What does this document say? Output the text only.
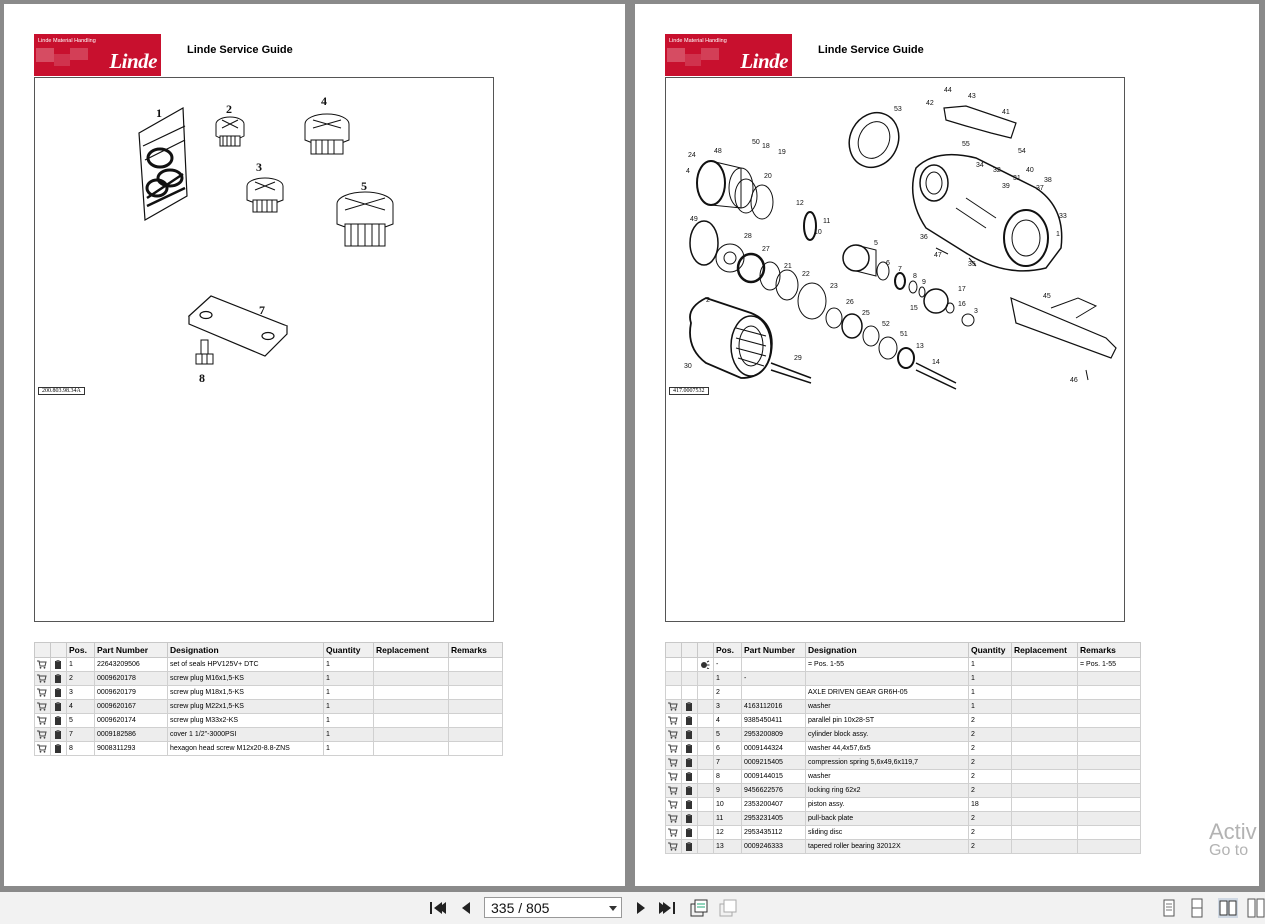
Linde Material Handling
Linde	Linde Service Guide
1	2
3
4
5
7
8
200.803.98.34A
		Pos.	Part Number	Designation	Quantity	Replacement	Remarks
		1	22643209506	set of seals HPV125V+ DTC	1		
		2	0009620178	screw plug M16x1,5-KS	1		
		3	0009620179	screw plug M18x1,5-KS	1		
		4	0009620167	screw plug M22x1,5-KS	1		
		5	0009620174	screw plug M33x2-KS	1		
		7	0009182586	cover 1 1/2"-3000PSI	1		
		8	9008311293	hexagon head screw M12x20-8.8-ZNS	1		
Linde Material Handling
Linde	Linde Service Guide
1
2
3
4
5
6
7
8
9
10
11
12
13
14
15
16
17
18
19
20
21
22
23
24
25
26
27
28
29
30
31
32
33
34
35
36
37
38
39
40
41
42
43
44
45
46
47
48
49
50
51
52
53
54
55
417.0007532
			Pos.	Part Number	Designation	Quantity	Replacement	Remarks
			-		= Pos. 1-55	1		= Pos. 1-55
			1	-		1		
			2		AXLE DRIVEN GEAR GR6H-05	1		
			3	4163112016	washer	1		
			4	9385450411	parallel pin 10x28-ST	2		
			5	2953200809	cylinder block assy.	2		
			6	0009144324	washer 44,4x57,6x5	2		
			7	0009215405	compression spring 5,6x49,6x119,7	2		
			8	0009144015	washer	2		
			9	9456622576	locking ring 62x2	2		
			10	2353200407	piston assy.	18		
			11	2953231405	pull-back plate	2		
			12	2953435112	sliding disc	2		
			13	0009246333	tapered roller bearing 32012X	2		
Activ
Go to
335 / 805
